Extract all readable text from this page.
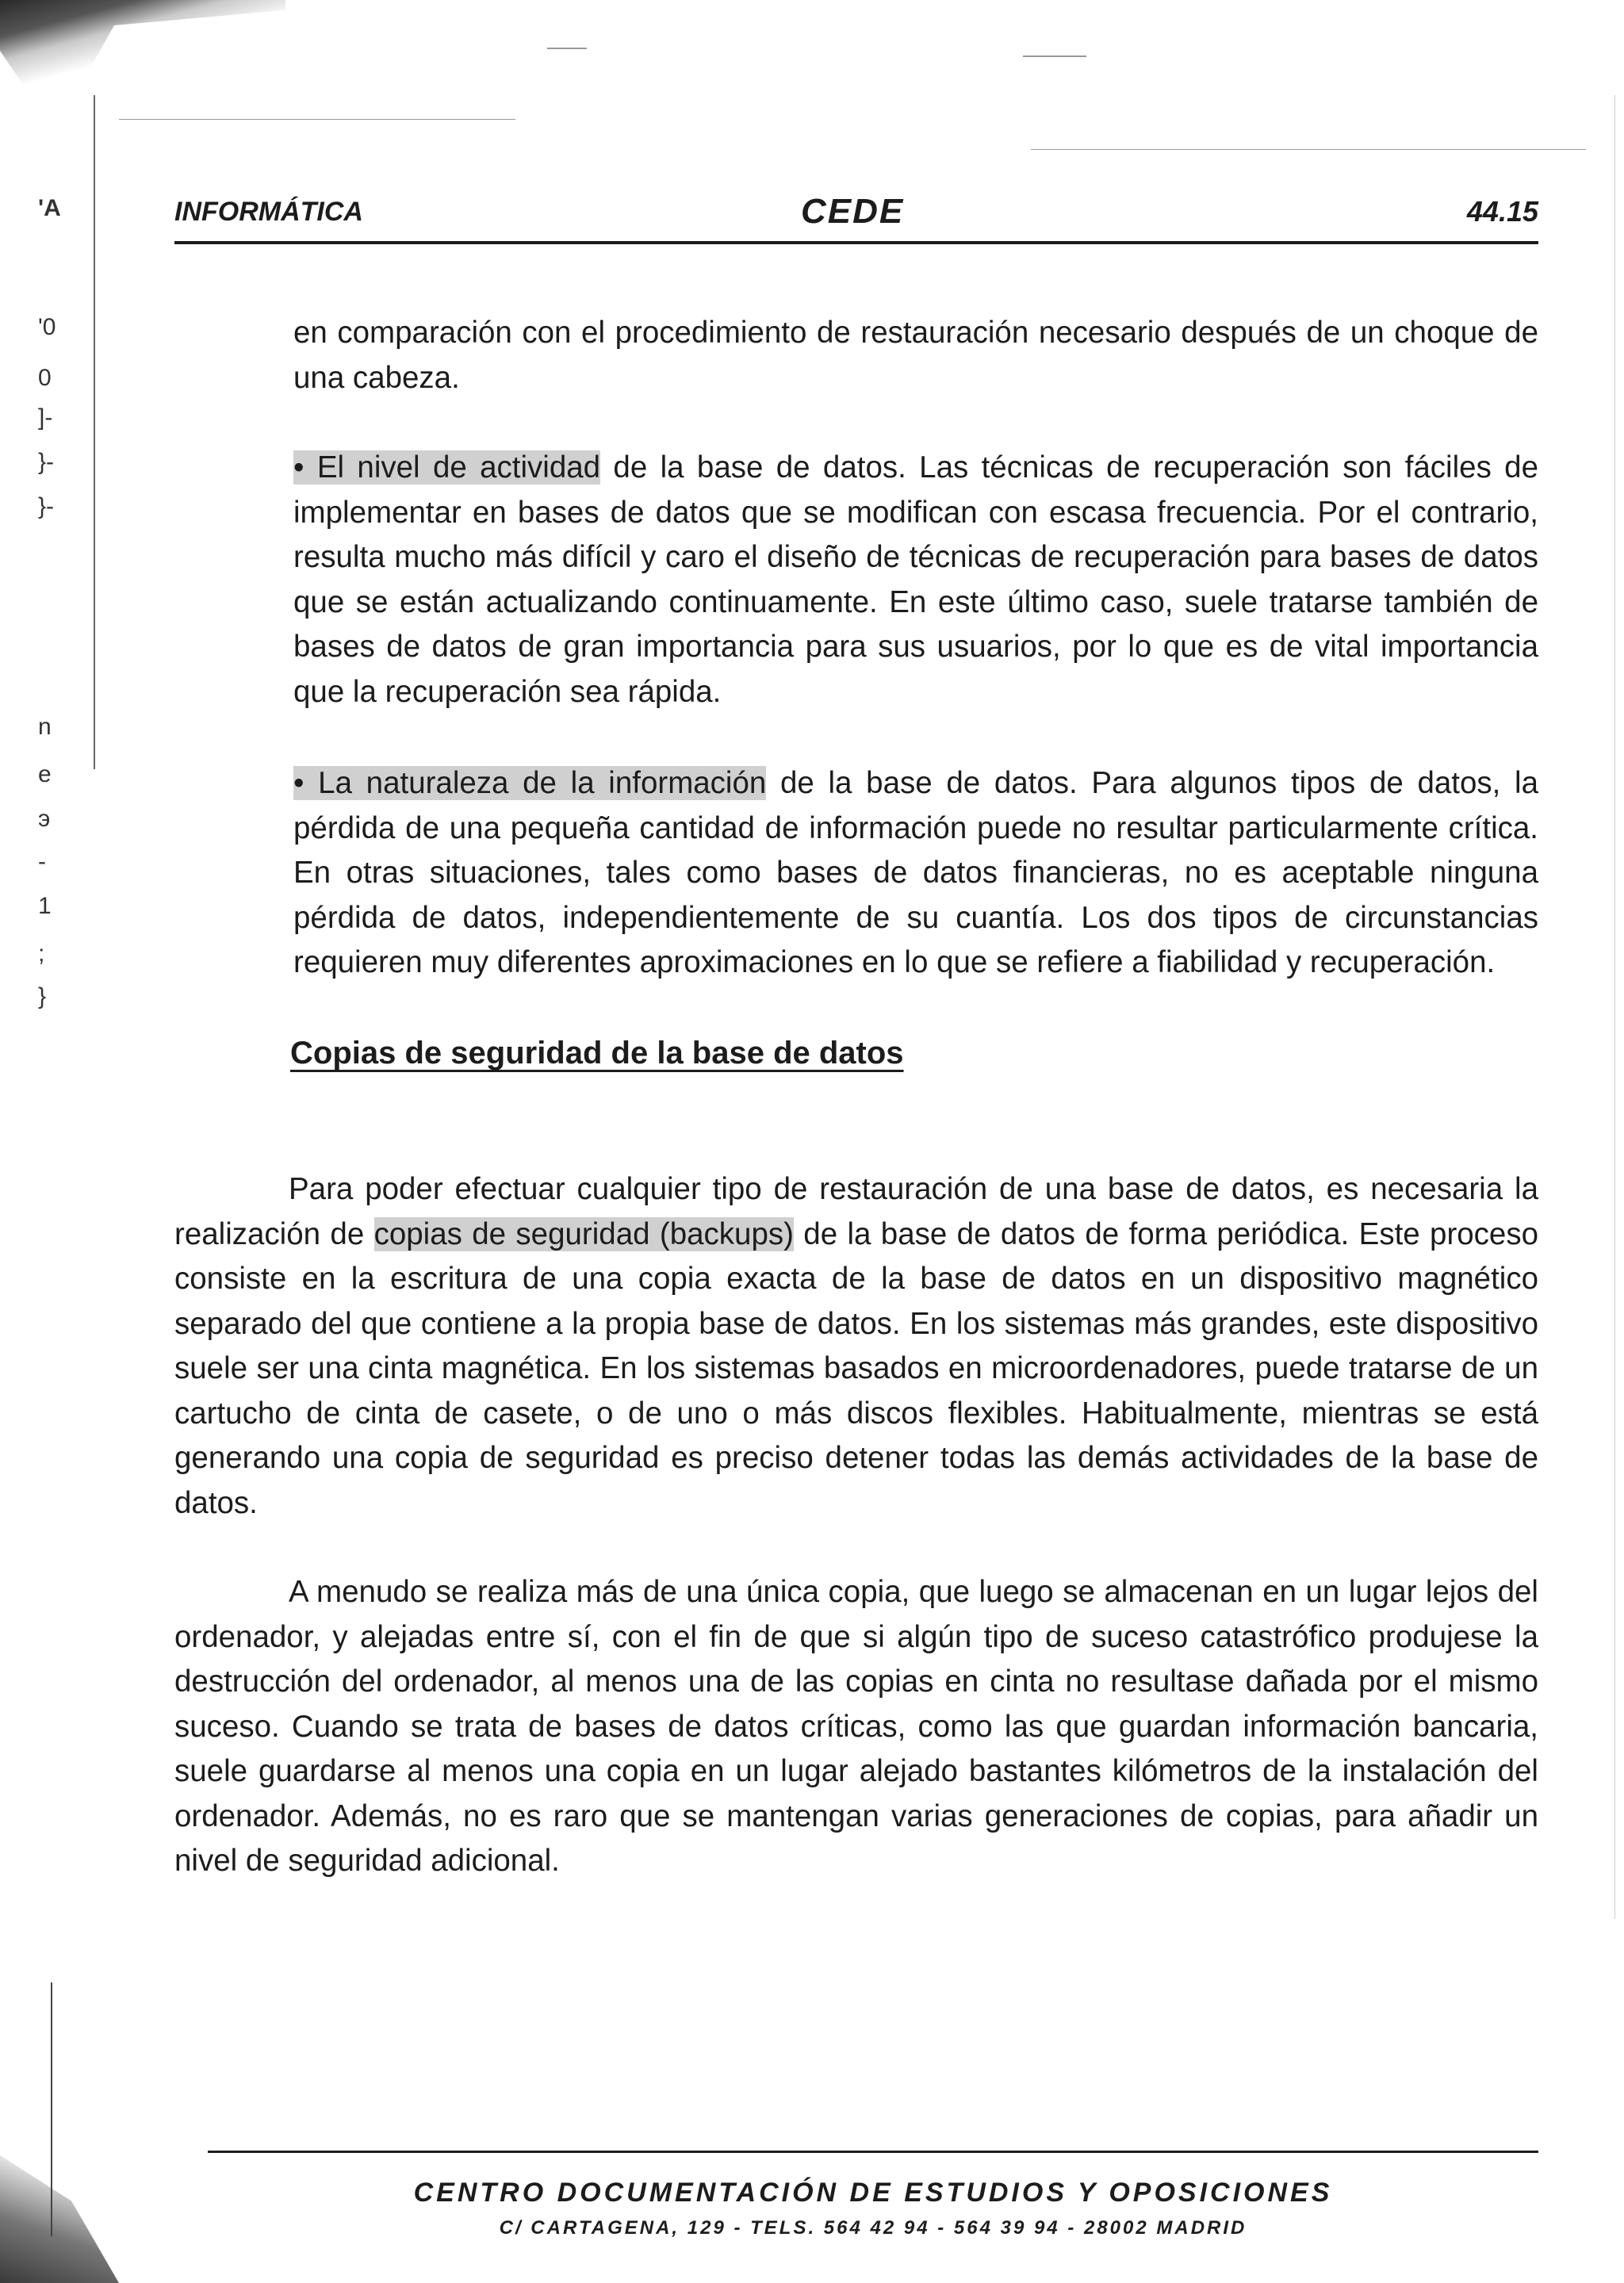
'A
'0
0
]-
}-
}-
n
e
э
-
1
;
}
INFORMÁTICA	CEDE	44.15
en comparación con el procedimiento de restauración necesario después de un choque de una cabeza.
• El nivel de actividad de la base de datos. Las técnicas de recuperación son fáciles de implementar en bases de datos que se modifican con escasa frecuencia. Por el contrario, resulta mucho más difícil y caro el diseño de técnicas de recuperación para bases de datos que se están actualizando continuamente. En este último caso, suele tratarse también de bases de datos de gran importancia para sus usuarios, por lo que es de vital importancia que la recuperación sea rápida.
• La naturaleza de la información de la base de datos. Para algunos tipos de datos, la pérdida de una pequeña cantidad de información puede no resultar particularmente crítica. En otras situaciones, tales como bases de datos financieras, no es aceptable ninguna pérdida de datos, independientemente de su cuantía. Los dos tipos de circunstancias requieren muy diferentes aproximaciones en lo que se refiere a fiabilidad y recuperación.
Copias de seguridad de la base de datos
Para poder efectuar cualquier tipo de restauración de una base de datos, es necesaria la realización de copias de seguridad (backups) de la base de datos de forma periódica. Este proceso consiste en la escritura de una copia exacta de la base de datos en un dispositivo magnético separado del que contiene a la propia base de datos. En los sistemas más grandes, este dispositivo suele ser una cinta magnética. En los sistemas basados en microordenadores, puede tratarse de un cartucho de cinta de casete, o de uno o más discos flexibles. Habitualmente, mientras se está generando una copia de seguridad es preciso detener todas las demás actividades de la base de datos.
A menudo se realiza más de una única copia, que luego se almacenan en un lugar lejos del ordenador, y alejadas entre sí, con el fin de que si algún tipo de suceso catastrófico produjese la destrucción del ordenador, al menos una de las copias en cinta no resultase dañada por el mismo suceso. Cuando se trata de bases de datos críticas, como las que guardan información bancaria, suele guardarse al menos una copia en un lugar alejado bastantes kilómetros de la instalación del ordenador. Además, no es raro que se mantengan varias generaciones de copias, para añadir un nivel de seguridad adicional.
CENTRO DOCUMENTACIÓN DE ESTUDIOS Y OPOSICIONES
C/ CARTAGENA, 129 - TELS. 564 42 94 - 564 39 94 - 28002 MADRID
